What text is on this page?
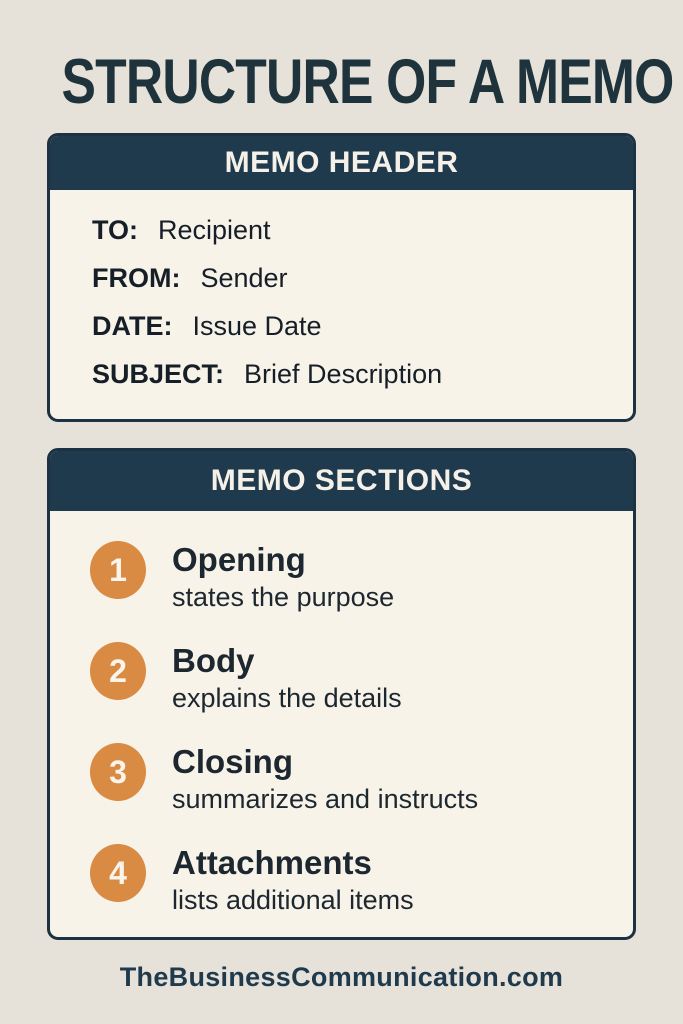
STRUCTURE OF A MEMO
MEMO HEADER
TO: Recipient
FROM: Sender
DATE: Issue Date
SUBJECT: Brief Description
MEMO SECTIONS
1	Opening
states the purpose
2	Body
explains the details
3	Closing
summarizes and instructs
4	Attachments
lists additional items
TheBusinessCommunication.com
